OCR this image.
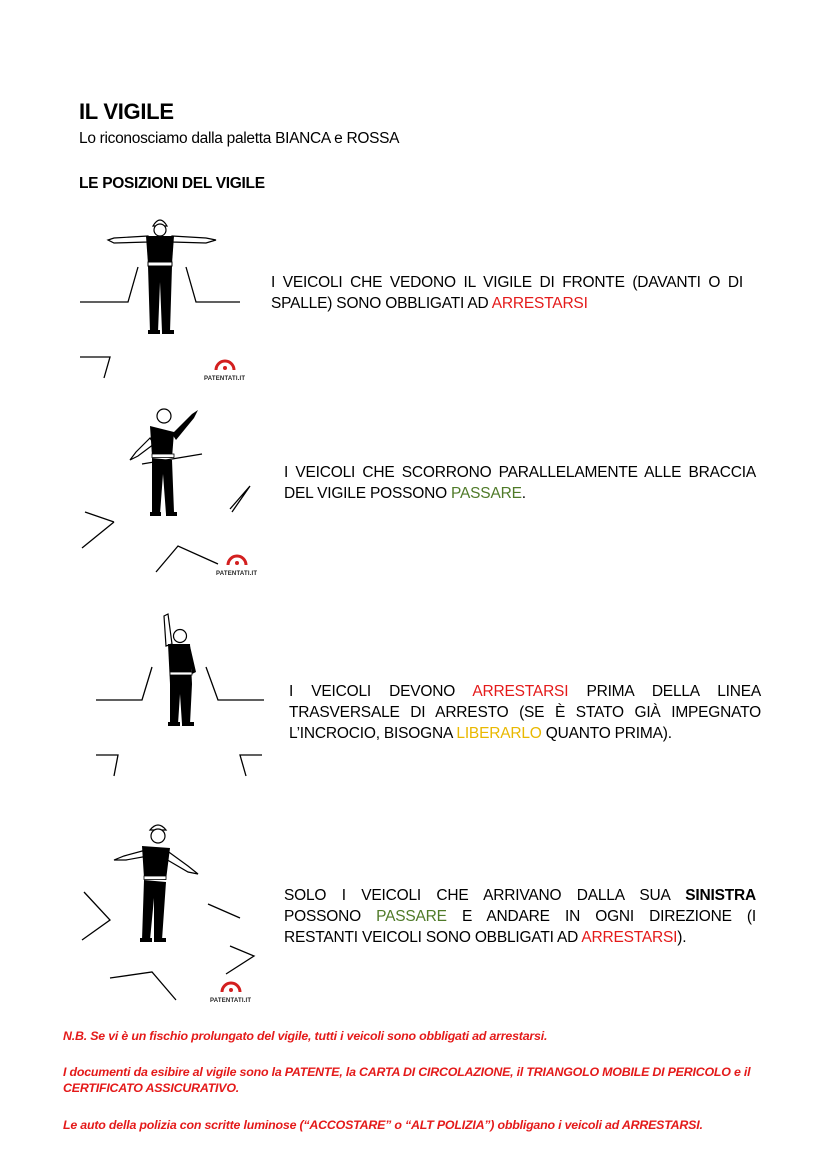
IL VIGILE
Lo riconosciamo dalla paletta BIANCA e ROSSA
LE POSIZIONI DEL VIGILE
PATENTATI.IT
I VEICOLI CHE VEDONO IL VIGILE DI FRONTE (DAVANTI O DI SPALLE) SONO OBBLIGATI AD ARRESTARSI
PATENTATI.IT
I VEICOLI CHE SCORRONO PARALLELAMENTE ALLE BRACCIA DEL VIGILE POSSONO PASSARE.
I VEICOLI DEVONO ARRESTARSI PRIMA DELLA LINEA TRASVERSALE DI ARRESTO (SE È STATO GIÀ IMPEGNATO L’INCROCIO, BISOGNA LIBERARLO QUANTO PRIMA).
PATENTATI.IT
SOLO I VEICOLI CHE ARRIVANO DALLA SUA SINISTRA POSSONO PASSARE E ANDARE IN OGNI DIREZIONE (I RESTANTI VEICOLI SONO OBBLIGATI AD ARRESTARSI).
N.B. Se vi è un fischio prolungato del vigile, tutti i veicoli sono obbligati ad arrestarsi.
I documenti da esibire al vigile sono la PATENTE, la CARTA DI CIRCOLAZIONE, il TRIANGOLO MOBILE DI PERICOLO e il CERTIFICATO ASSICURATIVO.
Le auto della polizia con scritte luminose (“ACCOSTARE” o “ALT POLIZIA”) obbligano i veicoli ad ARRESTARSI.
